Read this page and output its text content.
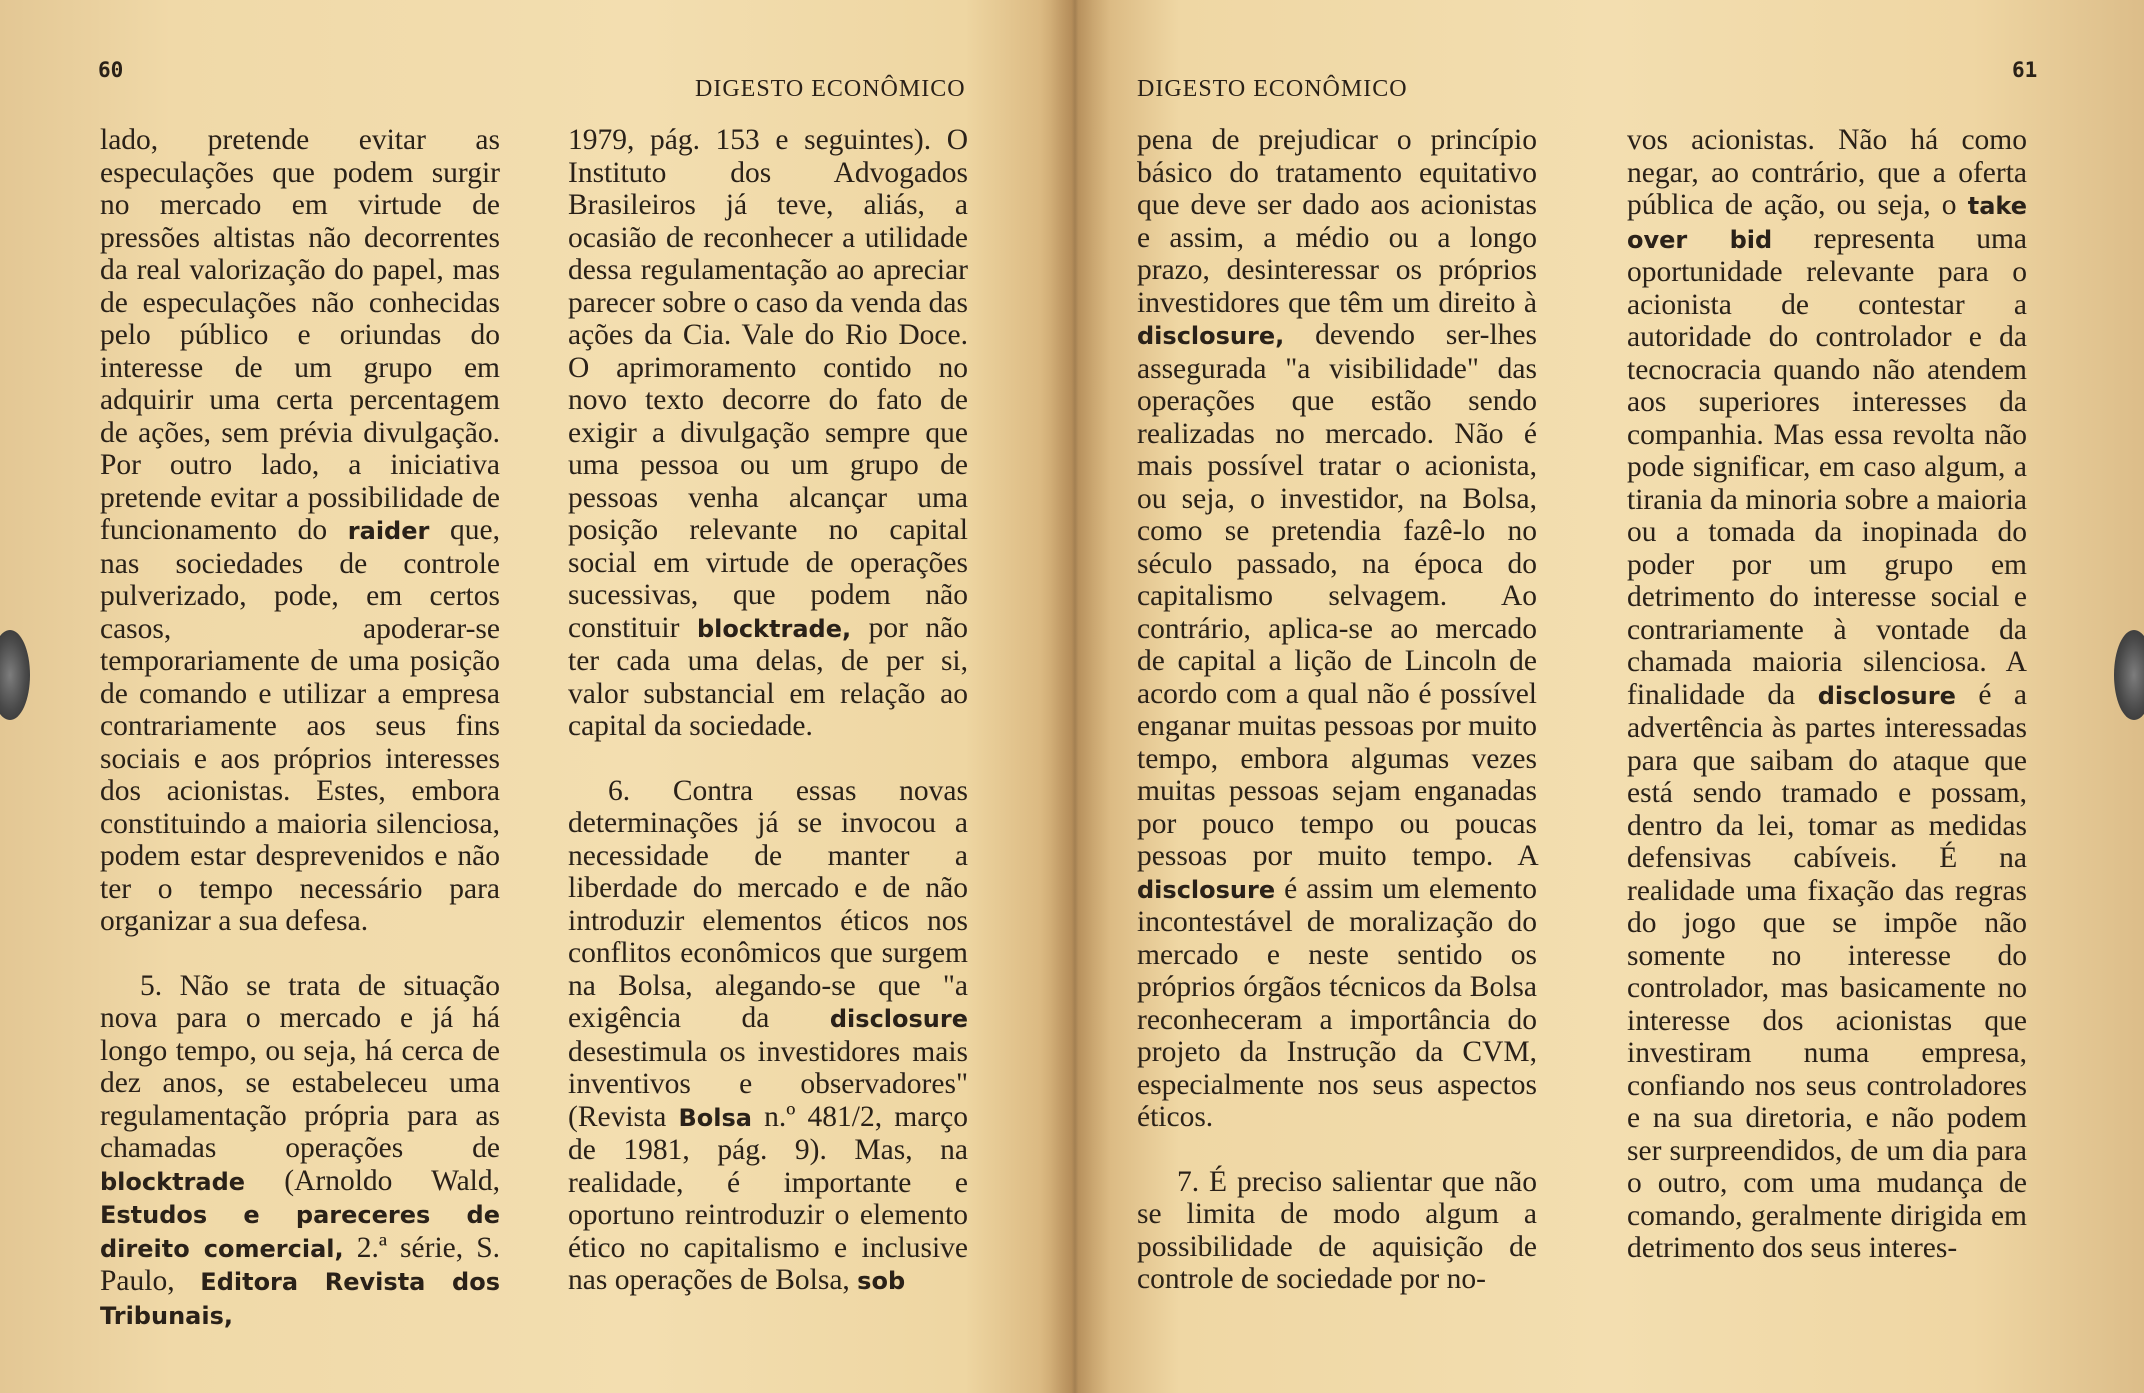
60
DIGESTO ECONÔMICO

lado, pretende evitar as especulações que podem surgir no mercado em virtude de pressões altistas não decorrentes da real valorização do papel, mas de especulações não conhecidas pelo público e oriundas do interesse de um grupo em adquirir uma certa percentagem de ações, sem prévia divulgação. Por outro lado, a iniciativa pretende evitar a possibilidade de funcionamento do raider que, nas sociedades de controle pulverizado, pode, em certos casos, apoderar-se temporariamente de uma posição de comando e utilizar a empresa contrariamente aos seus fins sociais e aos próprios interesses dos acionistas. Estes, embora constituindo a maioria silenciosa, podem estar desprevenidos e não ter o tempo necessário para organizar a sua defesa.

5. Não se trata de situação nova para o mercado e já há longo tempo, ou seja, há cerca de dez anos, se estabeleceu uma regulamentação própria para as chamadas operações de blocktrade (Arnoldo Wald, Estudos e pareceres de direito comercial, 2.ª série, S. Paulo, Editora Revista dos Tribunais,

1979, pág. 153 e seguintes). O Instituto dos Advogados Brasileiros já teve, aliás, a ocasião de reconhecer a utilidade dessa regulamentação ao apreciar parecer sobre o caso da venda das ações da Cia. Vale do Rio Doce. O aprimoramento contido no novo texto decorre do fato de exigir a divulgação sempre que uma pessoa ou um grupo de pessoas venha alcançar uma posição relevante no capital social em virtude de operações sucessivas, que podem não constituir blocktrade, por não ter cada uma delas, de per si, valor substancial em relação ao capital da sociedade.

6. Contra essas novas determinações já se invocou a necessidade de manter a liberdade do mercado e de não introduzir elementos éticos nos conflitos econômicos que surgem na Bolsa, alegando-se que "a exigência da	disclosure desestimula os investidores mais inventivos e observadores" (Revista Bolsa n.º 481/2, março de 1981, pág. 9). Mas, na realidade, é importante e oportuno reintroduzir o elemento ético no capitalismo e inclusive nas operações de Bolsa, sob

61
DIGESTO ECONÔMICO

pena de prejudicar o princípio básico do tratamento equitativo que deve ser dado aos acionistas e assim, a médio ou a longo prazo, desinteressar os próprios investidores que têm um direito à disclosure, devendo ser-lhes assegurada "a visibilidade" das operações que estão sendo realizadas no mercado. Não é mais possível tratar o acionista, ou seja, o investidor, na Bolsa, como se pretendia fazê-lo no século passado, na época do capitalismo selvagem. Ao contrário, aplica-se ao mercado de capital a lição de Lincoln de acordo com a qual não é possível enganar muitas pessoas por muito tempo, embora algumas vezes muitas pessoas sejam enganadas por pouco tempo ou poucas pessoas por muito tempo. A disclosure é assim um elemento incontestável de moralização do mercado e neste sentido os próprios órgãos técnicos da Bolsa reconheceram a importância do projeto da Instrução da CVM, especialmente nos seus aspectos éticos.

7. É preciso salientar que não se limita de modo algum a possibilidade de aquisição de controle de sociedade por no-

vos acionistas. Não há como negar, ao contrário, que a oferta pública de ação, ou seja, o take over bid representa uma oportunidade relevante para o acionista de contestar a autoridade do controlador e da tecnocracia quando não atendem aos superiores interesses da companhia. Mas essa revolta não pode significar, em caso algum, a tirania da minoria sobre a maioria ou a tomada da inopinada do poder por um grupo em detrimento do interesse social e contrariamente à vontade da chamada maioria silenciosa. A finalidade da disclosure é a advertência às partes interessadas para que saibam do ataque que está sendo tramado e possam, dentro da lei, tomar as medidas defensivas cabíveis. É na realidade uma fixação das regras do jogo que se impõe não somente no interesse do controlador, mas basicamente no interesse dos acionistas que investiram numa empresa, confiando nos seus controladores e na sua diretoria, e não podem ser surpreendidos, de um dia para o outro, com uma mudança de comando, geralmente dirigida em detrimento dos seus interes-
